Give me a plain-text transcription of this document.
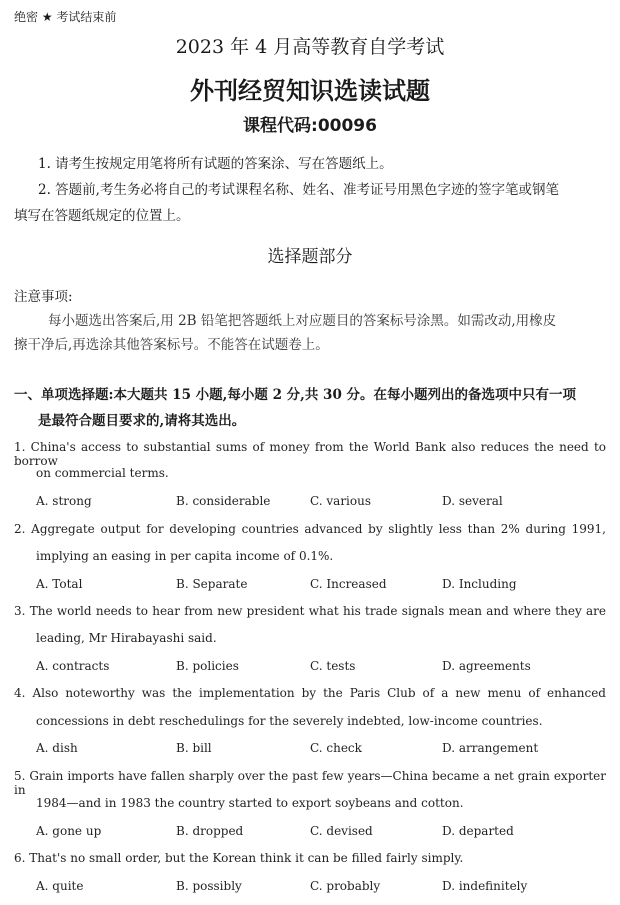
绝密 ★ 考试结束前
2023 年 4 月高等教育自学考试
外刊经贸知识选读试题
课程代码:00096
1. 请考生按规定用笔将所有试题的答案涂、写在答题纸上。
2. 答题前,考生务必将自己的考试课程名称、姓名、准考证号用黑色字迹的签字笔或钢笔
填写在答题纸规定的位置上。
选择题部分
注意事项:
每小题选出答案后,用 2B 铅笔把答题纸上对应题目的答案标号涂黑。如需改动,用橡皮
擦干净后,再选涂其他答案标号。不能答在试题卷上。
一、单项选择题:本大题共 15 小题,每小题 2 分,共 30 分。在每小题列出的备选项中只有一项
是最符合题目要求的,请将其选出。
1. China's access to substantial sums of money from the World Bank also reduces the need to borrow
on commercial terms.
A. strong	B. considerable	C. various	D. several
2. Aggregate output for developing countries advanced by slightly less than 2% during 1991,
implying an easing in per capita income of 0.1%.
A. Total	B. Separate	C. Increased	D. Including
3. The world needs to hear from new president what his trade signals mean and where they are
leading, Mr Hirabayashi said.
A. contracts	B. policies	C. tests	D. agreements
4. Also noteworthy was the implementation by the Paris Club of a new menu of enhanced
concessions in debt reschedulings for the severely indebted, low-income countries.
A. dish	B. bill	C. check	D. arrangement
5. Grain imports have fallen sharply over the past few years—China became a net grain exporter in
1984—and in 1983 the country started to export soybeans and cotton.
A. gone up	B. dropped	C. devised	D. departed
6. That's no small order, but the Korean think it can be filled fairly simply.
A. quite	B. possibly	C. probably	D. indefinitely
